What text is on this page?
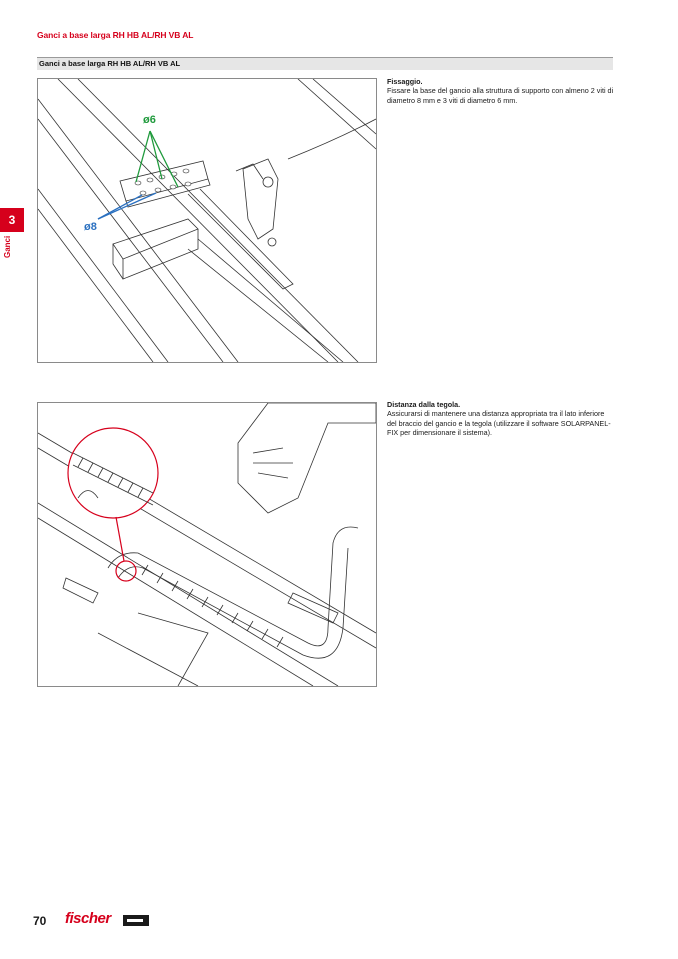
Ganci a base larga RH HB AL/RH VB AL
Ganci a base larga RH HB AL/RH VB AL
3
Ganci
ø6
ø8
Fissaggio.
Fissare la base del gancio alla struttura di supporto con almeno 2 viti di diametro 8 mm e 3 viti di diametro 6 mm.
Distanza dalla tegola.
Assicurarsi di mantenere una distanza appropriata tra il lato inferiore del braccio del gancio e la tegola (utilizzare il software SOLARPANEL-FIX per dimensionare il sistema).
70 fischer
